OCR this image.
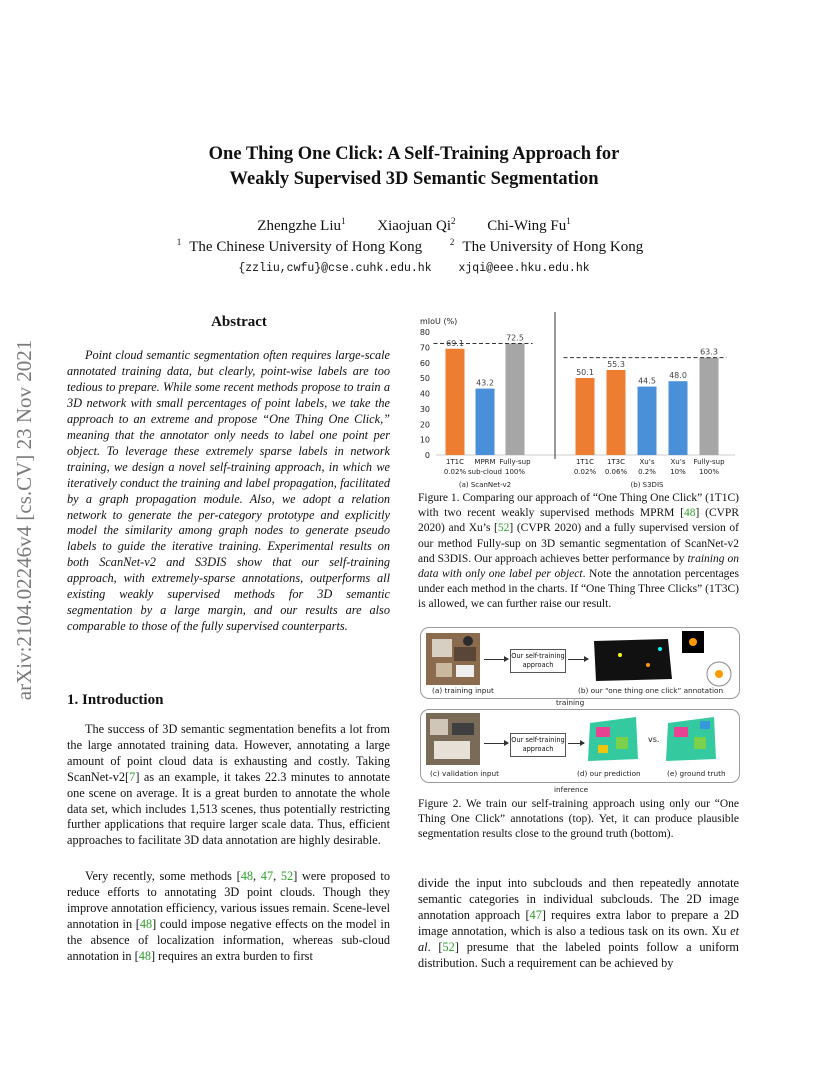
One Thing One Click: A Self-Training Approach for
Weakly Supervised 3D Semantic Segmentation
Zhengzhe Liu$^1$ Xiaojuan Qi$^2$ Chi-Wing Fu$^1$
$^1$ The Chinese University of Hong Kong	$^2$ The University of Hong Kong
{zzliu,cwfu}@cse.cuhk.edu.hk xjqi@eee.hku.edu.hk
arXiv:2104.02246v4 [cs.CV] 23 Nov 2021
Abstract
Point cloud semantic segmentation often requires large-scale annotated training data, but clearly, point-wise labels are too tedious to prepare. While some recent methods propose to train a 3D network with small percentages of point labels, we take the approach to an extreme and propose “One Thing One Click,” meaning that the annotator only needs to label one point per object. To leverage these extremely sparse labels in network training, we design a novel self-training approach, in which we iteratively conduct the training and label propagation, facilitated by a graph propagation module. Also, we adopt a relation network to generate the per-category prototype and explicitly model the similarity among graph nodes to generate pseudo labels to guide the iterative training. Experimental results on both ScanNet-v2 and S3DIS show that our self-training approach, with extremely-sparse annotations, outperforms all existing weakly supervised methods for 3D semantic segmentation by a large margin, and our results are also comparable to those of the fully supervised counterparts.
1. Introduction

The success of 3D semantic segmentation benefits a lot from the large annotated training data. However, annotating a large amount of point cloud data is exhausting and costly. Taking ScanNet-v2[7] as an example, it takes 22.3 minutes to annotate one scene on average. It is a great burden to annotate the whole data set, which includes 1,513 scenes, thus potentially restricting further applications that require larger scale data. Thus, efficient approaches to facilitate 3D data annotation are highly desirable.

Very recently, some methods [48, 47, 52] were proposed to reduce efforts to annotating 3D point clouds. Though they improve annotation efficiency, various issues remain. Scene-level annotation in [48] could impose negative effects on the model in the absence of localization information, whereas sub-cloud annotation in [48] requires an extra burden to first

divide the input into subclouds and then repeatedly annotate semantic categories in individual subclouds. The 2D image annotation approach [47] requires extra labor to prepare a 2D image annotation, which is also a tedious task on its own. Xu et al. [52] presume that the labeled points follow a uniform distribution. Such a requirement can be achieved by
mIoU (%)
0
10
20
30
40
50
60
70
80
69.1
1T1C
0.02%
43.2
MPRM
sub-cloud
72.5
Fully-sup
100%
(a) ScanNet-v2
50.1
1T1C
0.02%
55.3
1T3C
0.06%
44.5
Xu’s
0.2%
48.0
Xu’s
10%
63.3
Fully-sup
100%
(b) S3DIS
Figure 1. Comparing our approach of “One Thing One Click” (1T1C) with two recent weakly supervised methods MPRM [48] (CVPR 2020) and Xu’s [52] (CVPR 2020) and a fully supervised version of our method Fully-sup on 3D semantic segmentation of ScanNet-v2 and S3DIS. Our approach achieves better performance by training on data with only one label per object. Note the annotation percentages under each method in the charts. If “One Thing Three Clicks” (1T3C) is allowed, we can further raise our result.
Our self-training approach
(a) training input	(b) our “one thing one click” annotation
training
Our self-training approach
vs.
(c) validation input	(d) our prediction	(e) ground truth
inference
Figure 2. We train our self-training approach using only our “One Thing One Click” annotations (top). Yet, it can produce plausible segmentation results close to the ground truth (bottom).
